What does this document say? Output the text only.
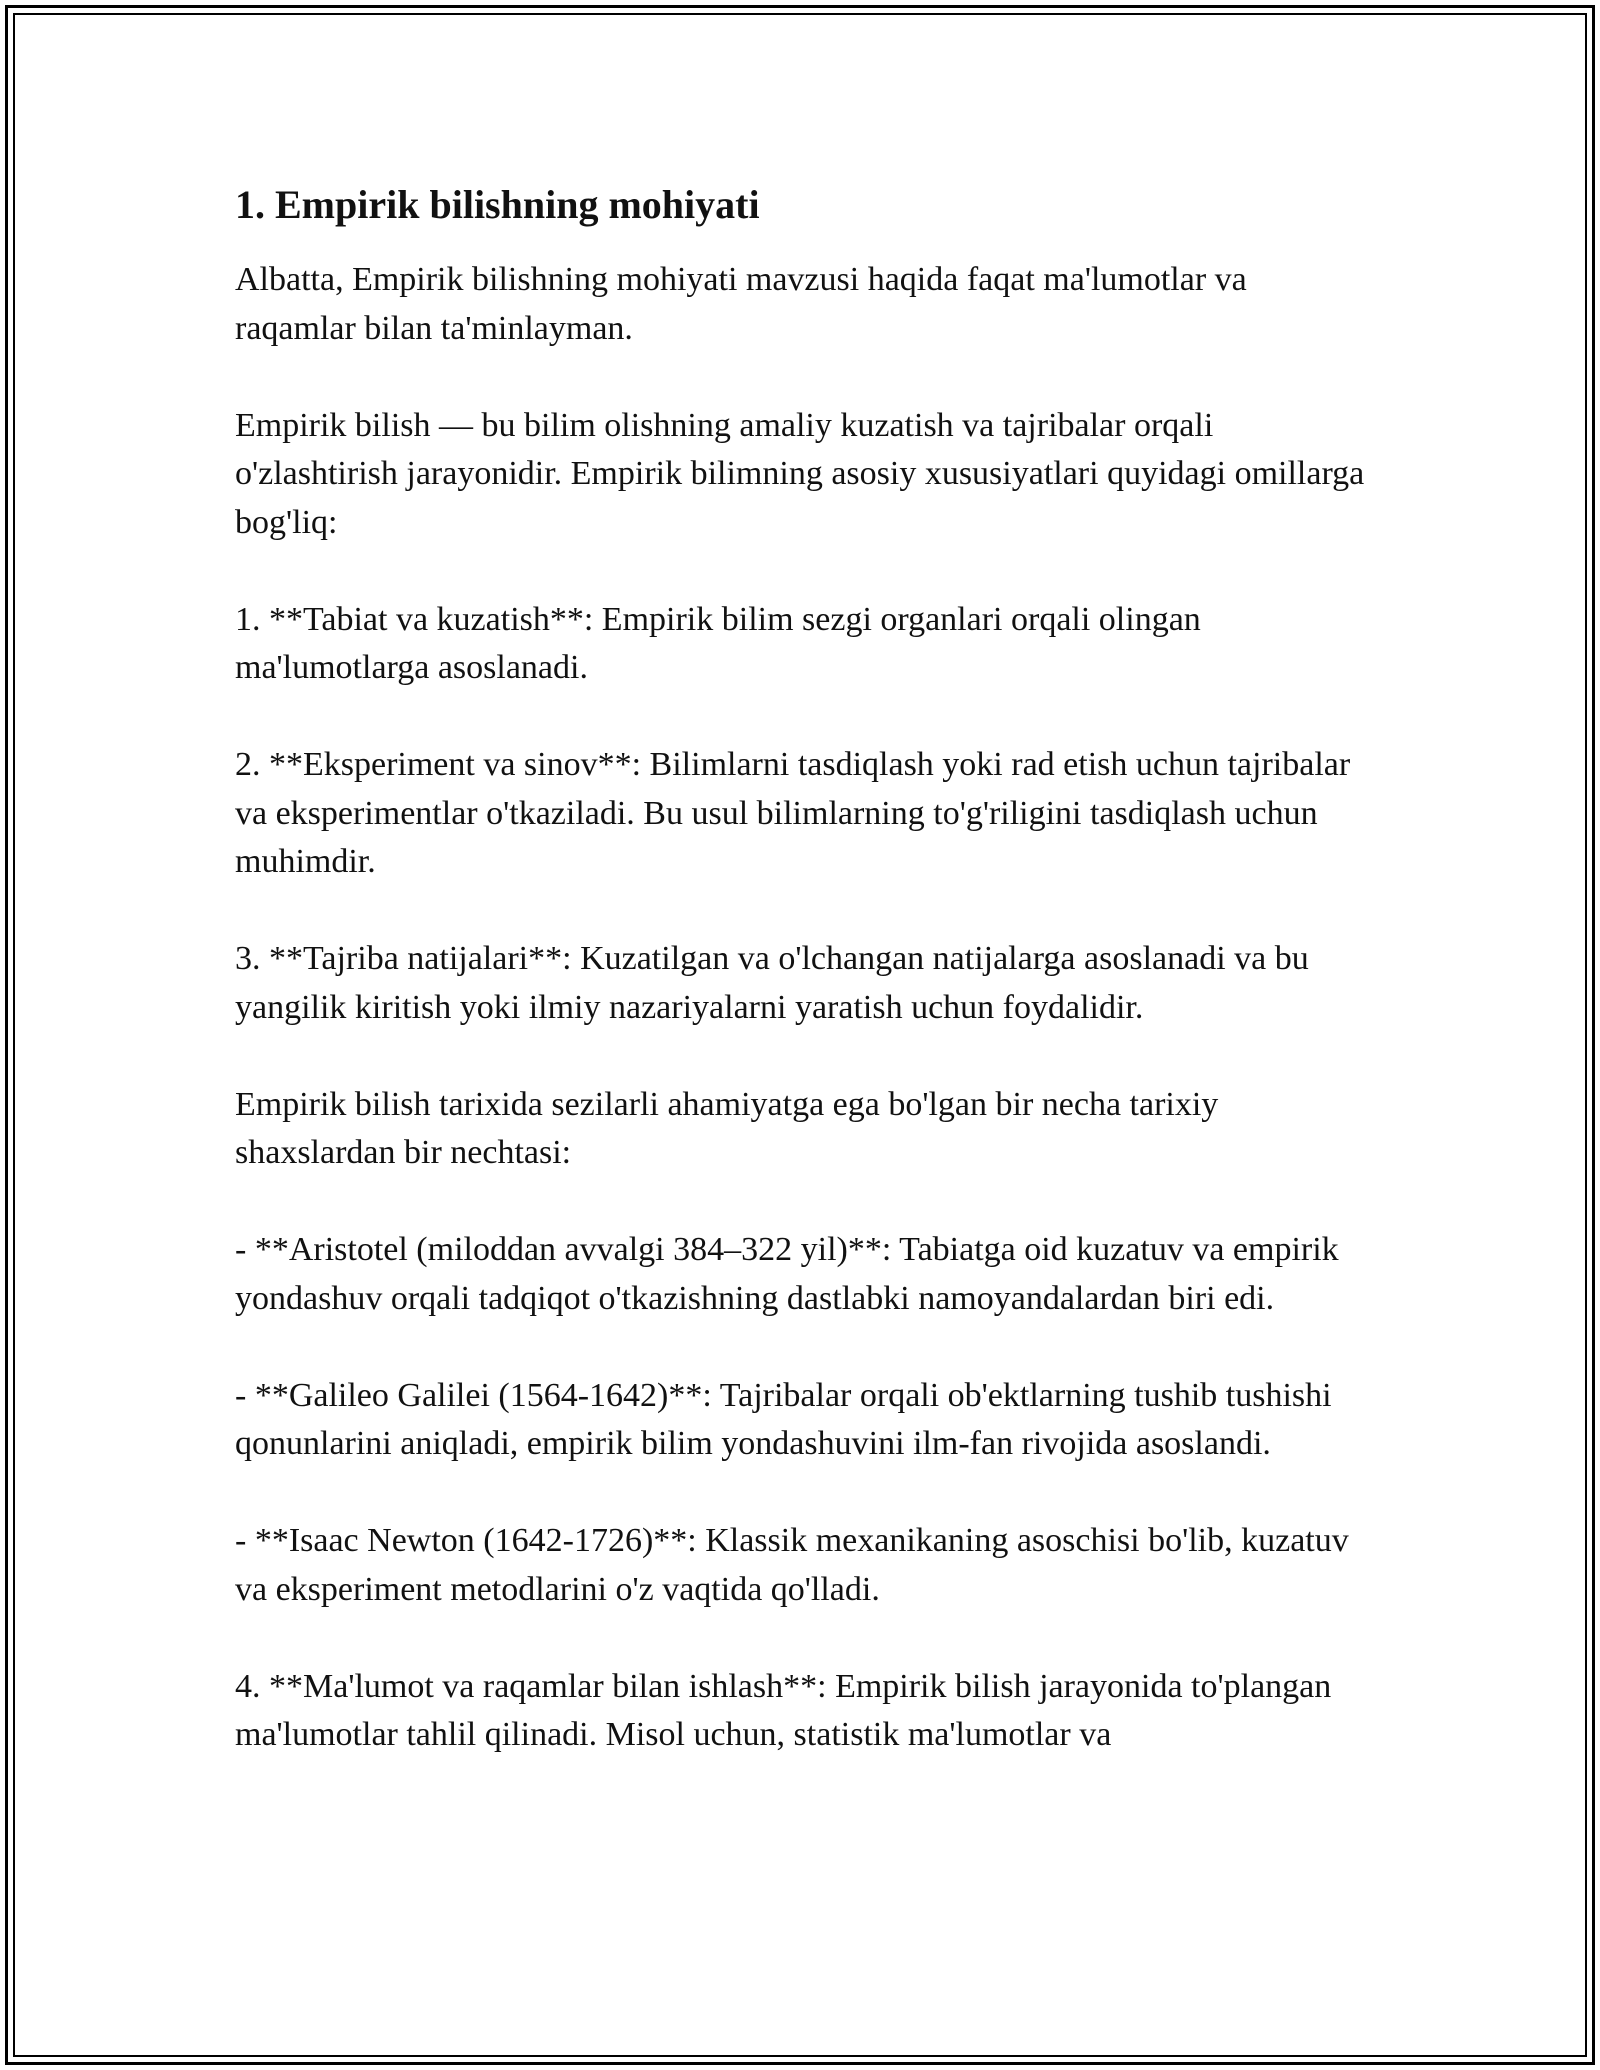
1. Empirik bilishning mohiyati

Albatta, Empirik bilishning mohiyati mavzusi haqida faqat ma'lumotlar va raqamlar bilan ta'minlayman.

Empirik bilish — bu bilim olishning amaliy kuzatish va tajribalar orqali o'zlashtirish jarayonidir. Empirik bilimning asosiy xususiyatlari quyidagi omillarga bog'liq:

1. **Tabiat va kuzatish**: Empirik bilim sezgi organlari orqali olingan ma'lumotlarga asoslanadi.

2. **Eksperiment va sinov**: Bilimlarni tasdiqlash yoki rad etish uchun tajribalar va eksperimentlar o'tkaziladi. Bu usul bilimlarning to'g'riligini tasdiqlash uchun muhimdir.

3. **Tajriba natijalari**: Kuzatilgan va o'lchangan natijalarga asoslanadi va bu yangilik kiritish yoki ilmiy nazariyalarni yaratish uchun foydalidir.

Empirik bilish tarixida sezilarli ahamiyatga ega bo'lgan bir necha tarixiy shaxslardan bir nechtasi:

- **Aristotel (miloddan avvalgi 384–322 yil)**: Tabiatga oid kuzatuv va empirik yondashuv orqali tadqiqot o'tkazishning dastlabki namoyandalardan biri edi.

- **Galileo Galilei (1564-1642)**: Tajribalar orqali ob'ektlarning tushib tushishi qonunlarini aniqladi, empirik bilim yondashuvini ilm-fan rivojida asoslandi.

- **Isaac Newton (1642-1726)**: Klassik mexanikaning asoschisi bo'lib, kuzatuv va eksperiment metodlarini o'z vaqtida qo'lladi.

4. **Ma'lumot va raqamlar bilan ishlash**: Empirik bilish jarayonida to'plangan ma'lumotlar tahlil qilinadi. Misol uchun, statistik ma'lumotlar va
